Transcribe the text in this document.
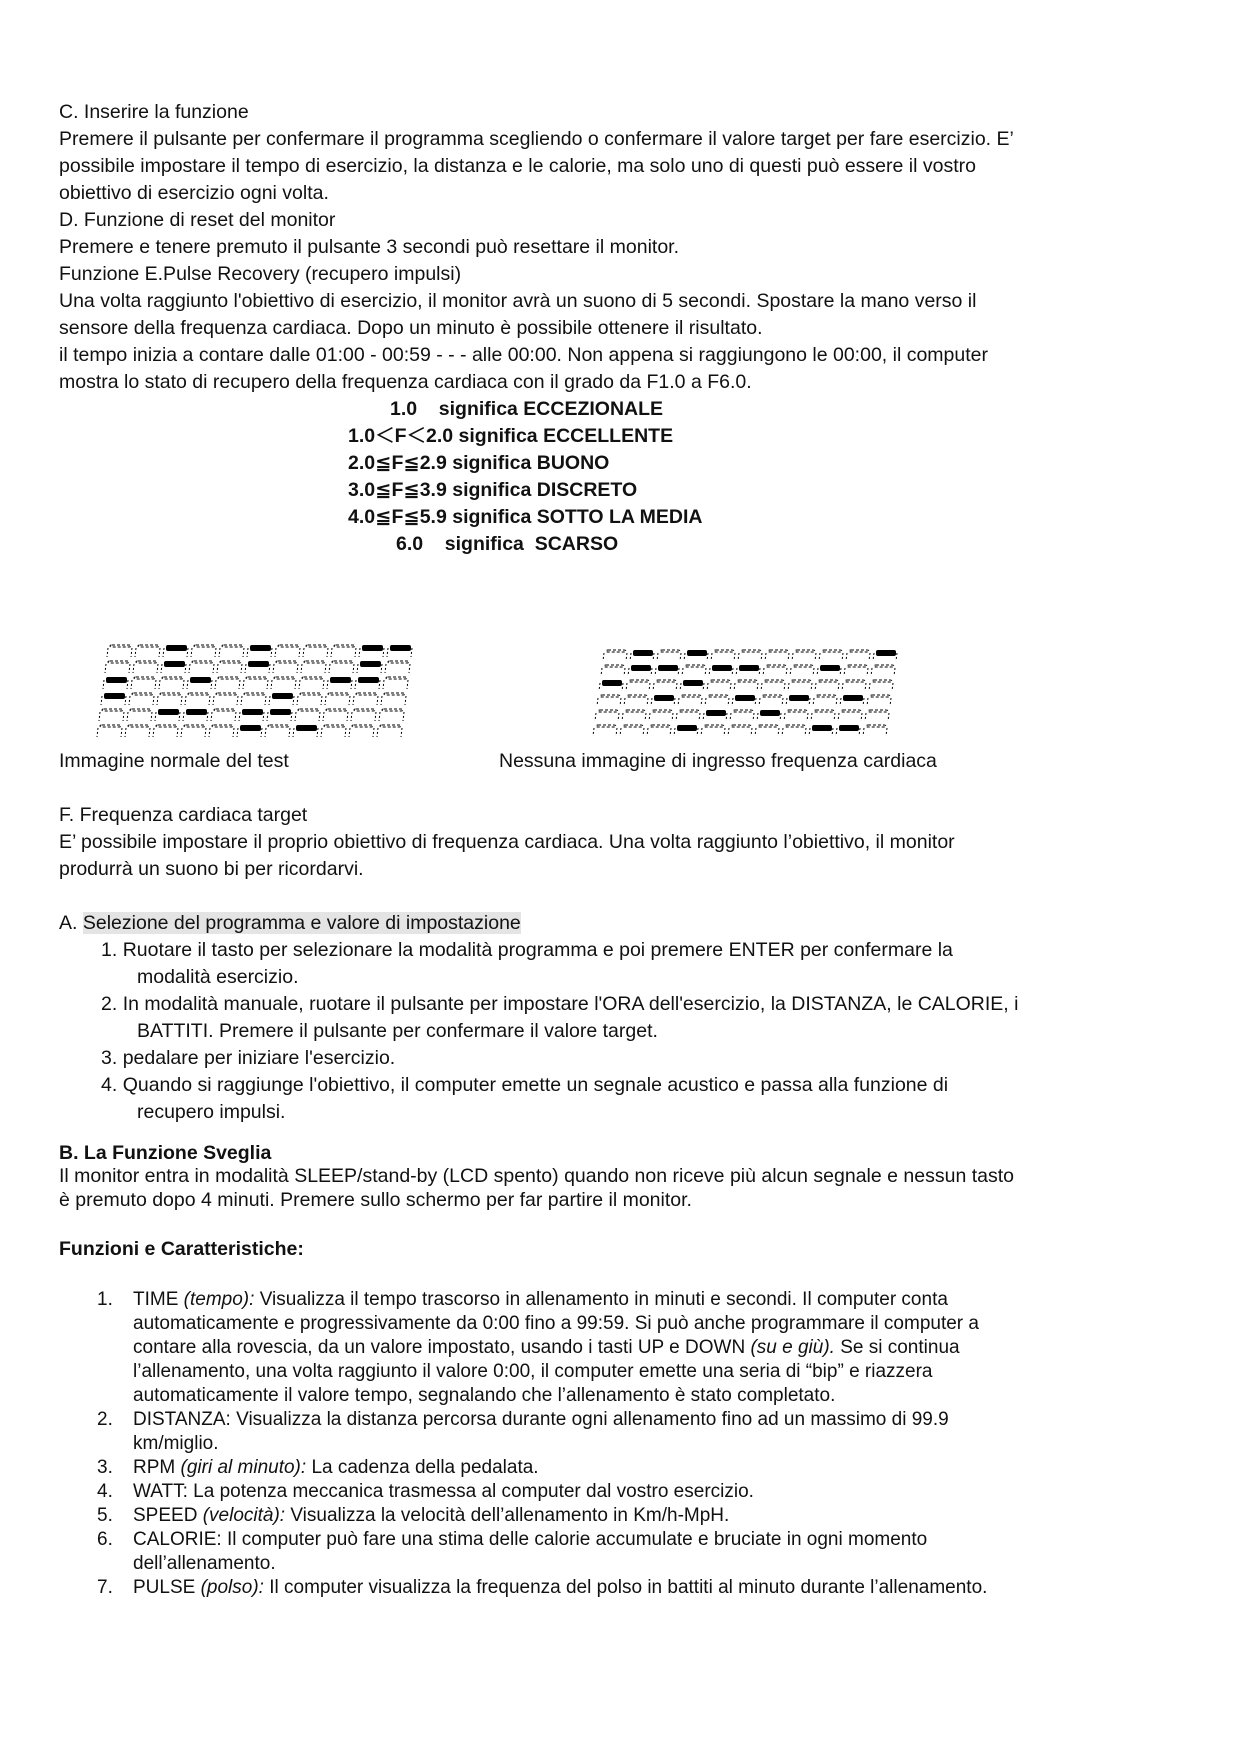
C. Inserire la funzione
Premere il pulsante per confermare il programma scegliendo o confermare il valore target per fare esercizio. E’
possibile impostare il tempo di esercizio, la distanza e le calorie, ma solo uno di questi può essere il vostro
obiettivo di esercizio ogni volta.
D. Funzione di reset del monitor
Premere e tenere premuto il pulsante 3 secondi può resettare il monitor.
Funzione E.Pulse Recovery (recupero impulsi)
Una volta raggiunto l'obiettivo di esercizio, il monitor avrà un suono di 5 secondi. Spostare la mano verso il
sensore della frequenza cardiaca. Dopo un minuto è possibile ottenere il risultato.
il tempo inizia a contare dalle 01:00 - 00:59 - - - alle 00:00. Non appena si raggiungono le 00:00, il computer
mostra lo stato di recupero della frequenza cardiaca con il grado da F1.0 a F6.0.
1.0    significa ECCEZIONALE
1.0＜F＜2.0 significa ECCELLENTE
2.0≦F≦2.9 significa BUONO
3.0≦F≦3.9 significa DISCRETO
4.0≦F≦5.9 significa SOTTO LA MEDIA
6.0    significa  SCARSO
Immagine normale del test	Nessuna immagine di ingresso frequenza cardiaca
F. Frequenza cardiaca target
E’ possibile impostare il proprio obiettivo di frequenza cardiaca. Una volta raggiunto l’obiettivo, il monitor
produrrà un suono bi per ricordarvi.
A. Selezione del programma e valore di impostazione
1. Ruotare il tasto per selezionare la modalità programma e poi premere ENTER per confermare la
modalità esercizio.
2. In modalità manuale, ruotare il pulsante per impostare l'ORA dell'esercizio, la DISTANZA, le CALORIE, i
BATTITI. Premere il pulsante per confermare il valore target.
3. pedalare per iniziare l'esercizio.
4. Quando si raggiunge l'obiettivo, il computer emette un segnale acustico e passa alla funzione di
recupero impulsi.
B. La Funzione Sveglia
Il monitor entra in modalità SLEEP/stand-by (LCD spento) quando non riceve più alcun segnale e nessun tasto
è premuto dopo 4 minuti. Premere sullo schermo per far partire il monitor.
Funzioni e Caratteristiche:
1. TIME (tempo): Visualizza il tempo trascorso in allenamento in minuti e secondi. Il computer conta
automaticamente e progressivamente da 0:00 fino a 99:59. Si può anche programmare il computer a
contare alla rovescia, da un valore impostato, usando i tasti UP e DOWN (su e giù). Se si continua
l’allenamento, una volta raggiunto il valore 0:00, il computer emette una seria di “bip” e riazzera
automaticamente il valore tempo, segnalando che l’allenamento è stato completato.
2. DISTANZA: Visualizza la distanza percorsa durante ogni allenamento fino ad un massimo di 99.9
km/miglio.
3. RPM (giri al minuto): La cadenza della pedalata.
4. WATT: La potenza meccanica trasmessa al computer dal vostro esercizio.
5. SPEED (velocità): Visualizza la velocità dell’allenamento in Km/h-MpH.
6. CALORIE: Il computer può fare una stima delle calorie accumulate e bruciate in ogni momento
dell’allenamento.
7. PULSE (polso): Il computer visualizza la frequenza del polso in battiti al minuto durante l’allenamento.
